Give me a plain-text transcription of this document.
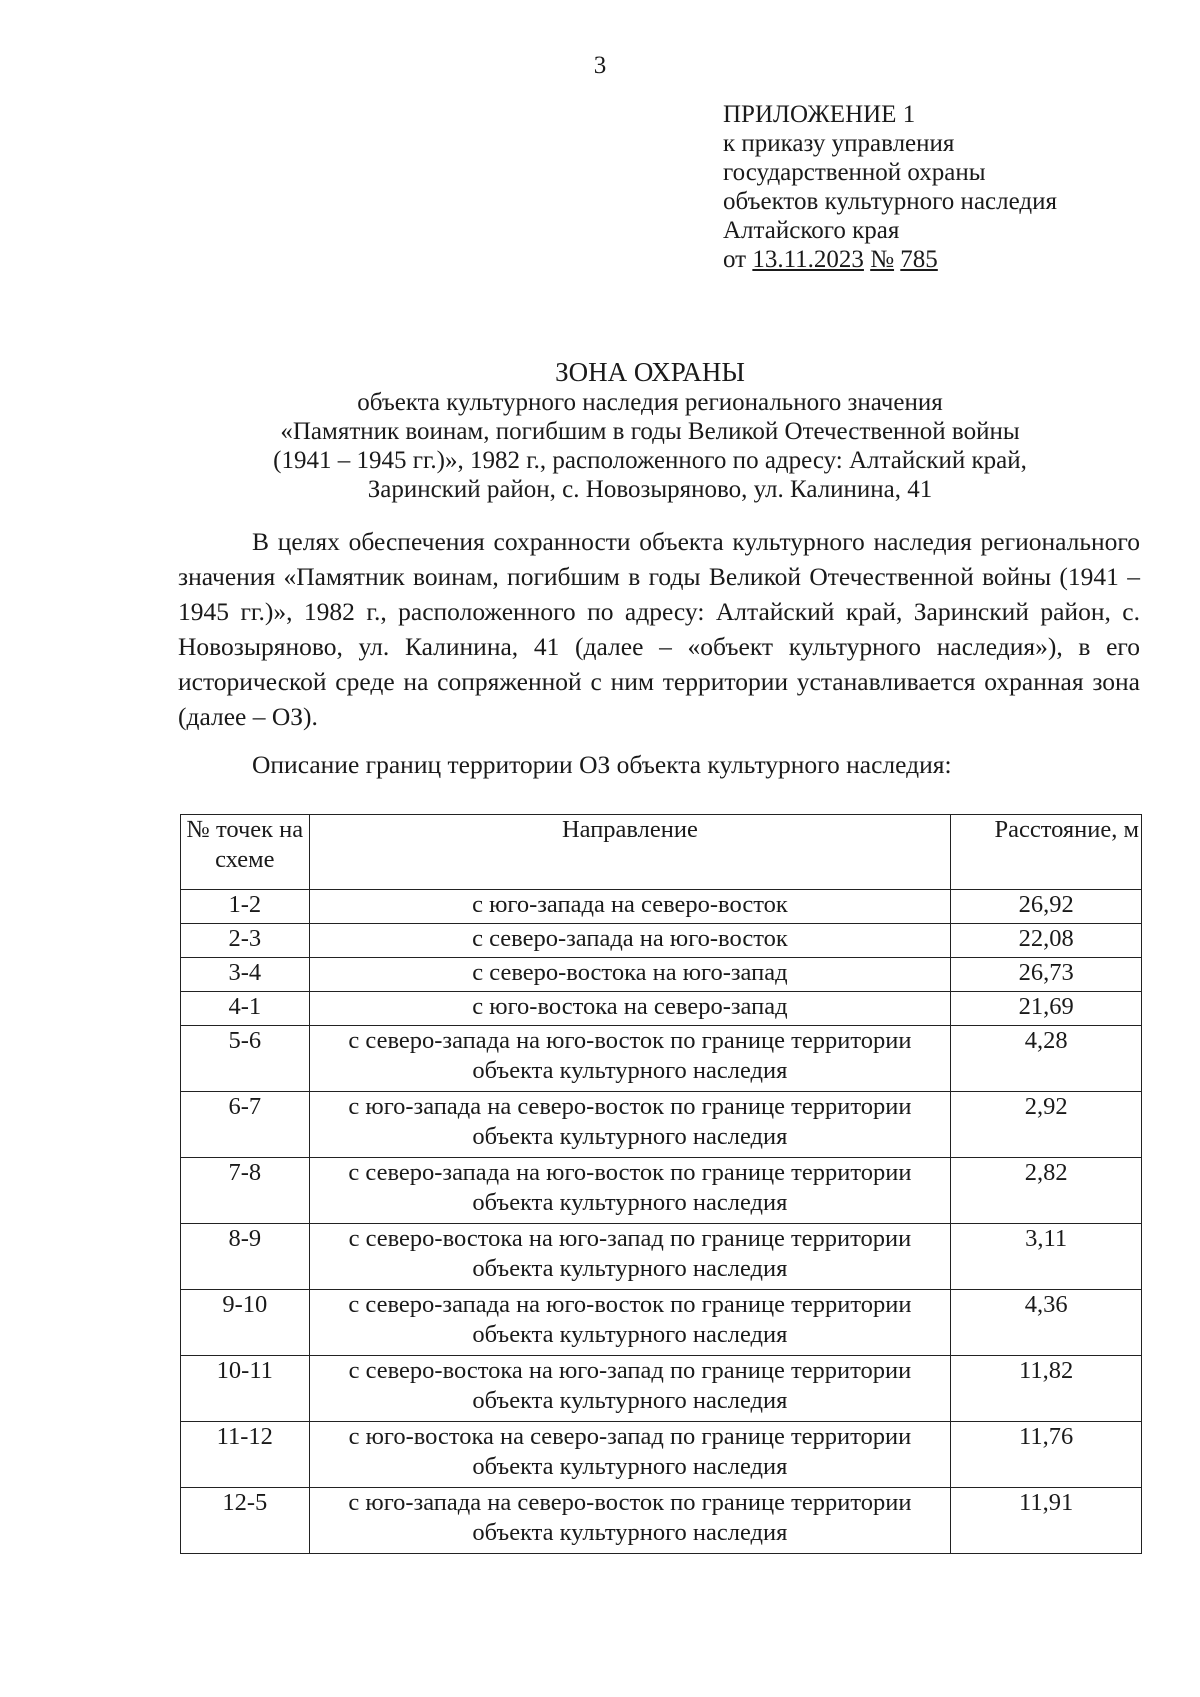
3
ПРИЛОЖЕНИЕ 1
к приказу управления
государственной охраны
объектов культурного наследия
Алтайского края
от 13.11.2023 № 785
ЗОНА ОХРАНЫ
объекта культурного наследия регионального значения
«Памятник воинам, погибшим в годы Великой Отечественной войны
(1941 – 1945 гг.)», 1982 г., расположенного по адресу: Алтайский край,
Заринский район, с. Новозыряново, ул. Калинина, 41

В целях обеспечения сохранности объекта культурного наследия регионального значения «Памятник воинам, погибшим в годы Великой Отечественной войны (1941 – 1945 гг.)», 1982 г., расположенного по адресу: Алтайский край, Заринский район, с. Новозыряново, ул. Калинина, 41 (далее – «объект культурного наследия»), в его исторической среде на сопряженной с ним территории устанавливается охранная зона (далее – ОЗ).

Описание границ территории ОЗ объекта культурного наследия:
№ точек на схеме	Направление	Расстояние, м
1-2	с юго-запада на северо-восток	26,92
2-3	с северо-запада на юго-восток	22,08
3-4	с северо-востока на юго-запад	26,73
4-1	с юго-востока на северо-запад	21,69
5-6	с северо-запада на юго-восток по границе территории объекта культурного наследия	4,28
6-7	с юго-запада на северо-восток по границе территории объекта культурного наследия	2,92
7-8	с северо-запада на юго-восток по границе территории объекта культурного наследия	2,82
8-9	с северо-востока на юго-запад по границе территории объекта культурного наследия	3,11
9-10	с северо-запада на юго-восток по границе территории объекта культурного наследия	4,36
10-11	с северо-востока на юго-запад по границе территории объекта культурного наследия	11,82
11-12	с юго-востока на северо-запад по границе территории объекта культурного наследия	11,76
12-5	с юго-запада на северо-восток по границе территории объекта культурного наследия	11,91
